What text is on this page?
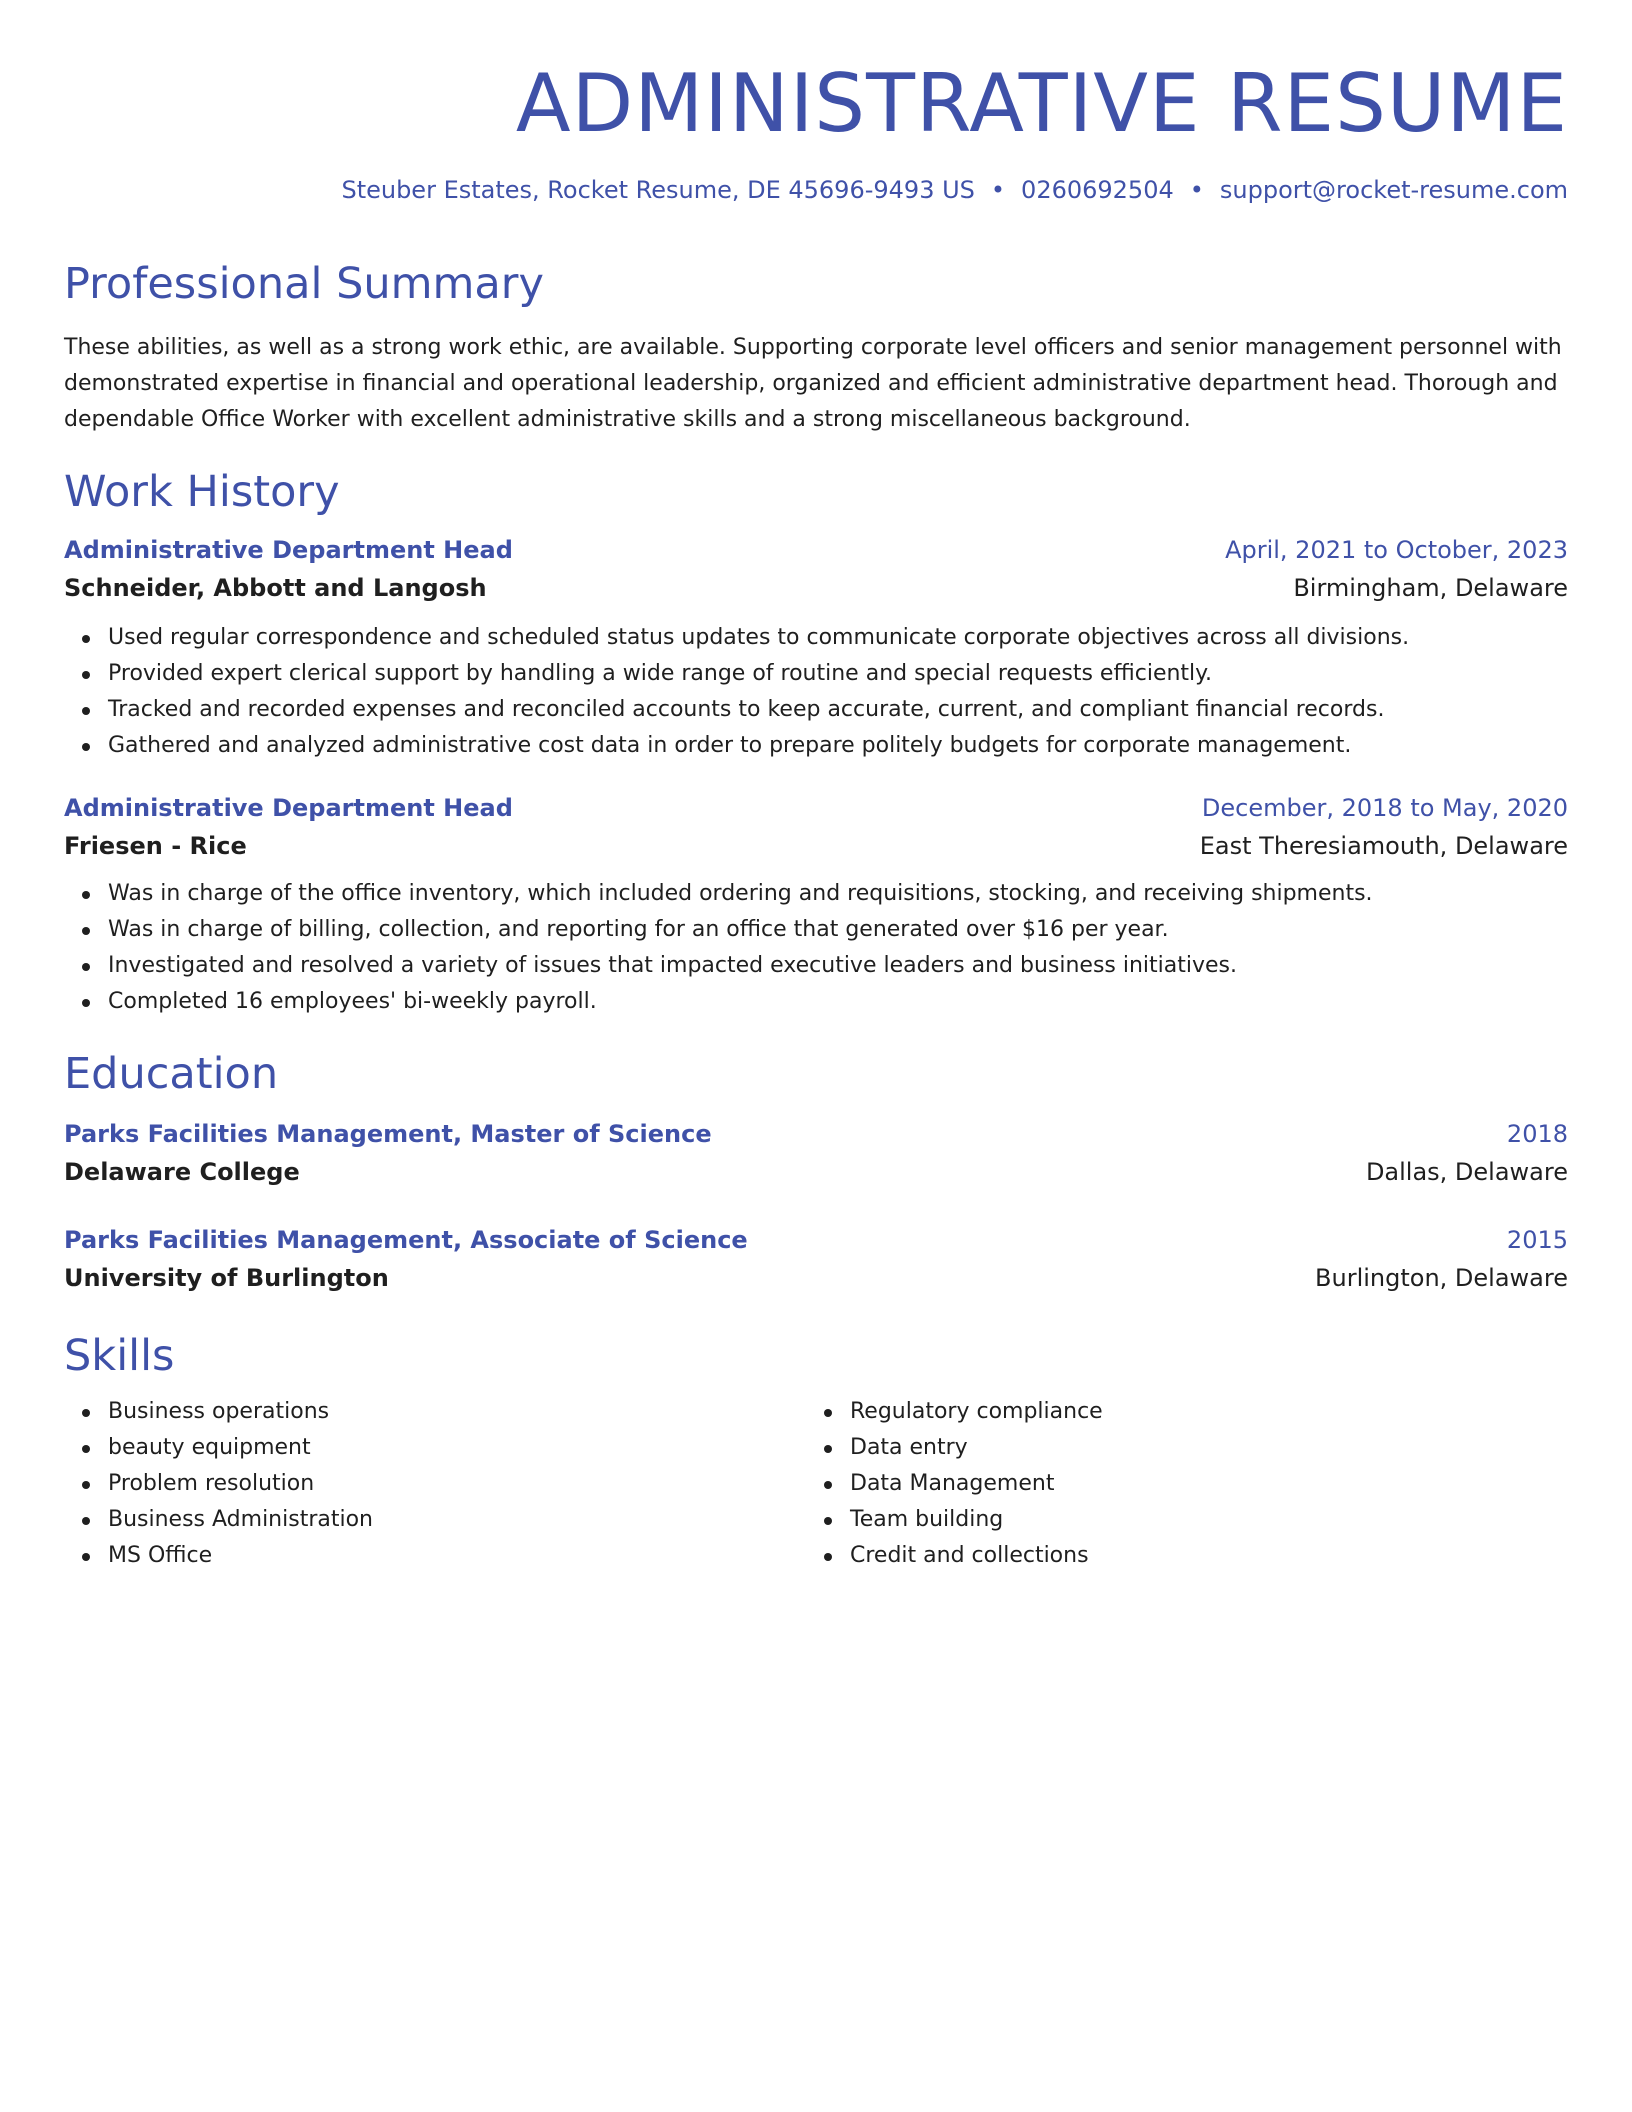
ADMINISTRATIVE RESUME
Steuber Estates, Rocket Resume, DE 45696-9493 US • 0260692504 • support@rocket-resume.com
Professional Summary
These abilities, as well as a strong work ethic, are available. Supporting corporate level officers and senior management personnel with demonstrated expertise in financial and operational leadership, organized and efficient administrative department head. Thorough and dependable Office Worker with excellent administrative skills and a strong miscellaneous background.
Work History
Administrative Department Head	April, 2021 to October, 2023
Schneider, Abbott and Langosh	Birmingham, Delaware
Used regular correspondence and scheduled status updates to communicate corporate objectives across all divisions.
Provided expert clerical support by handling a wide range of routine and special requests efficiently.
Tracked and recorded expenses and reconciled accounts to keep accurate, current, and compliant financial records.
Gathered and analyzed administrative cost data in order to prepare politely budgets for corporate management.
Administrative Department Head	December, 2018 to May, 2020
Friesen - Rice	East Theresiamouth, Delaware
Was in charge of the office inventory, which included ordering and requisitions, stocking, and receiving shipments.
Was in charge of billing, collection, and reporting for an office that generated over $16 per year.
Investigated and resolved a variety of issues that impacted executive leaders and business initiatives.
Completed 16 employees' bi-weekly payroll.
Education
Parks Facilities Management, Master of Science	2018
Delaware College	Dallas, Delaware
Parks Facilities Management, Associate of Science	2015
University of Burlington	Burlington, Delaware
Skills
Business operations
beauty equipment
Problem resolution
Business Administration
MS Office
Regulatory compliance
Data entry
Data Management
Team building
Credit and collections
